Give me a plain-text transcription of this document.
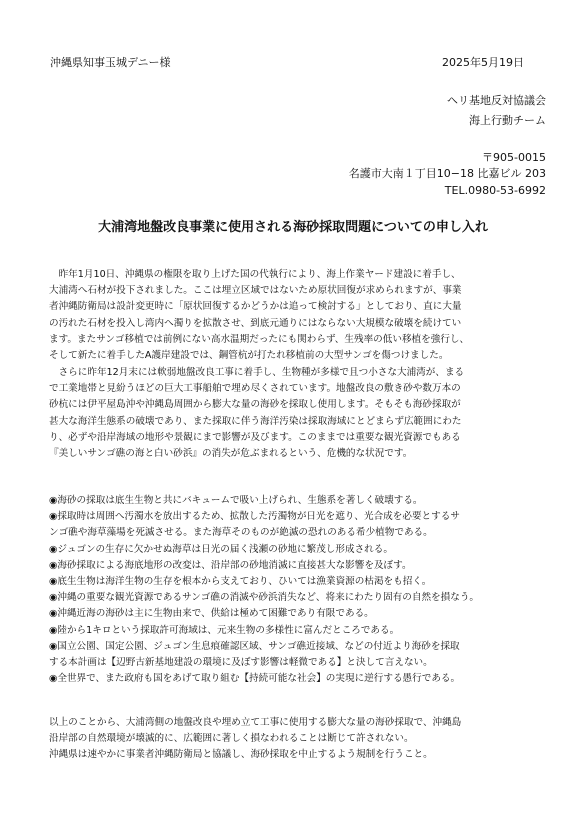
沖縄県知事玉城デニー様	2025年5月19日
ヘリ基地反対協議会
海上行動チーム
〒905-0015
名護市大南１丁目10−18 比嘉ビル 203
TEL.0980-53-6992
大浦湾地盤改良事業に使用される海砂採取問題についての申し入れ
　昨年1月10日、沖縄県の権限を取り上げた国の代執行により、海上作業ヤード建設に着手し、
大浦湾へ石材が投下されました。ここは埋立区域ではないため原状回復が求められますが、事業
者沖縄防衛局は設計変更時に「原状回復するかどうかは追って検討する」としており、直に大量
の汚れた石材を投入し湾内へ濁りを拡散させ、到底元通りにはならない大規模な破壊を続けてい
ます。またサンゴ移植では前例にない高水温期だったにも関わらず、生残率の低い移植を強行し、
そして新たに着手したA護岸建設では、鋼管杭が打たれ移植前の大型サンゴを傷つけました。
　さらに昨年12月末には軟弱地盤改良工事に着手し、生物種が多様で且つ小さな大浦湾が、まる
で工業地帯と見紛うほどの巨大工事船舶で埋め尽くされています。地盤改良の敷き砂や数万本の
砂杭には伊平屋島沖や沖縄島周囲から膨大な量の海砂を採取し使用します。そもそも海砂採取が
甚大な海洋生態系の破壊であり、また採取に伴う海洋汚染は採取海域にとどまらず広範囲にわた
り、必ずや沿岸海域の地形や景観にまで影響が及びます。このままでは重要な観光資源でもある
『美しいサンゴ礁の海と白い砂浜』の消失が危ぶまれるという、危機的な状況です。
◉海砂の採取は底生生物と共にバキュームで吸い上げられ、生態系を著しく破壊する。
◉採取時は周囲へ汚濁水を放出するため、拡散した汚濁物が日光を遮り、光合成を必要とするサ
ンゴ礁や海草藻場を死滅させる。また海草そのものが絶滅の恐れのある希少植物である。
◉ジュゴンの生存に欠かせぬ海草は日光の届く浅瀬の砂地に繁茂し形成される。
◉海砂採取による海底地形の改変は、沿岸部の砂地消滅に直接甚大な影響を及ぼす。
◉底生生物は海洋生物の生存を根本から支えており、ひいては漁業資源の枯渇をも招く。
◉沖縄の重要な観光資源であるサンゴ礁の消滅や砂浜消失など、将来にわたり固有の自然を損なう。
◉沖縄近海の海砂は主に生物由来で、供給は極めて困難であり有限である。
◉陸から1キロという採取許可海域は、元来生物の多様性に富んだところである。
◉国立公園、国定公園、ジュゴン生息痕確認区域、サンゴ礁近接域、などの付近より海砂を採取
する本計画は【辺野古新基地建設の環境に及ぼす影響は軽微である】と決して言えない。
◉全世界で、また政府も国をあげて取り組む【持続可能な社会】の実現に逆行する愚行である。
以上のことから、大浦湾側の地盤改良や埋め立て工事に使用する膨大な量の海砂採取で、沖縄島
沿岸部の自然環境が壊滅的に、広範囲に著しく損なわれることは断じて許されない。
沖縄県は速やかに事業者沖縄防衛局と協議し、海砂採取を中止するよう規制を行うこと。
